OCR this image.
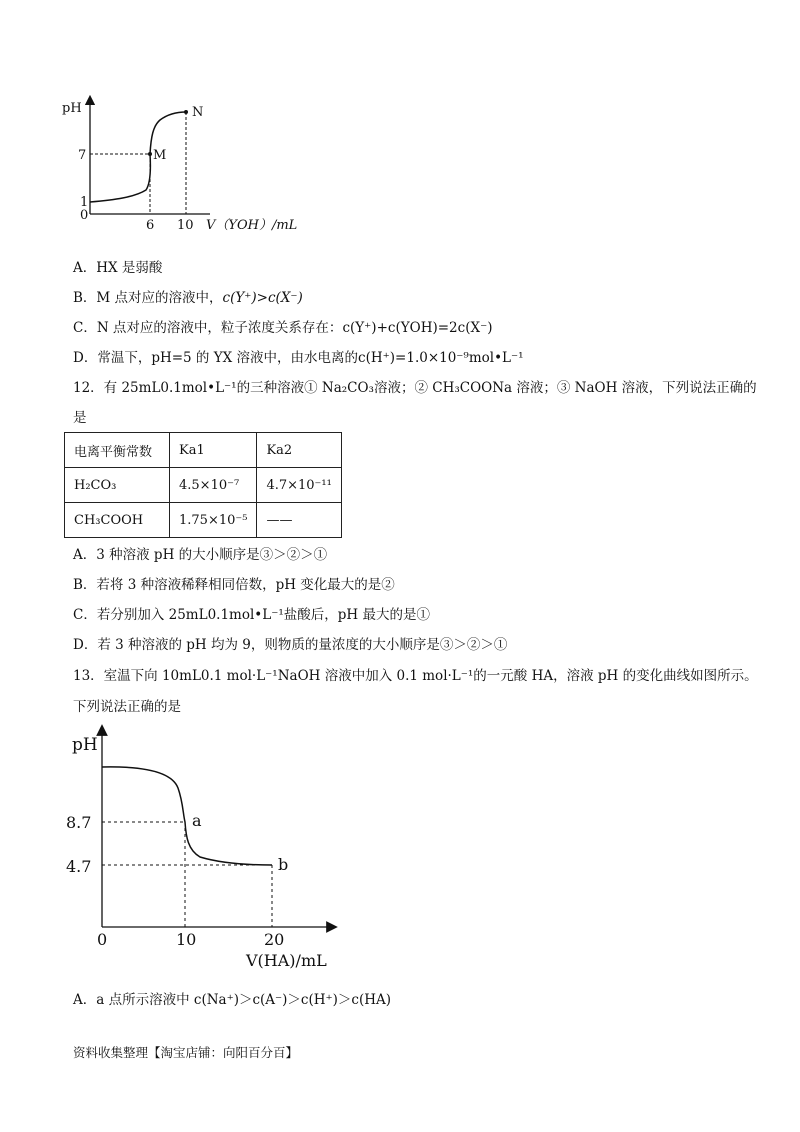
pH
7
1
0
6 10 V（YOH）/mL
M
N
A．HX 是弱酸
B．M 点对应的溶液中，c(Y⁺)>c(X⁻)
C．N 点对应的溶液中，粒子浓度关系存在：c(Y⁺)+c(YOH)=2c(X⁻)
D．常温下，pH=5 的 YX 溶液中，由水电离的c(H⁺)=1.0×10⁻⁹mol•L⁻¹
12．有 25mL0.1mol•L⁻¹的三种溶液① Na₂CO₃溶液；② CH₃COONa 溶液；③ NaOH 溶液，下列说法正确的
是
电离平衡常数	Ka1	Ka2
H₂CO₃	4.5×10⁻⁷	4.7×10⁻¹¹
CH₃COOH	1.75×10⁻⁵	——
A．3 种溶液 pH 的大小顺序是③＞②＞①
B．若将 3 种溶液稀释相同倍数，pH 变化最大的是②
C．若分别加入 25mL0.1mol•L⁻¹盐酸后，pH 最大的是①
D．若 3 种溶液的 pH 均为 9，则物质的量浓度的大小顺序是③＞②＞①
13．室温下向 10mL0.1 mol·L⁻¹NaOH 溶液中加入 0.1 mol·L⁻¹的一元酸 HA，溶液 pH 的变化曲线如图所示。
下列说法正确的是
pH
8.7
4.7
0	10	20
V(HA)/mL
a
b
A．a 点所示溶液中 c(Na⁺)＞c(A⁻)＞c(H⁺)＞c(HA)
资料收集整理【淘宝店铺：向阳百分百】
